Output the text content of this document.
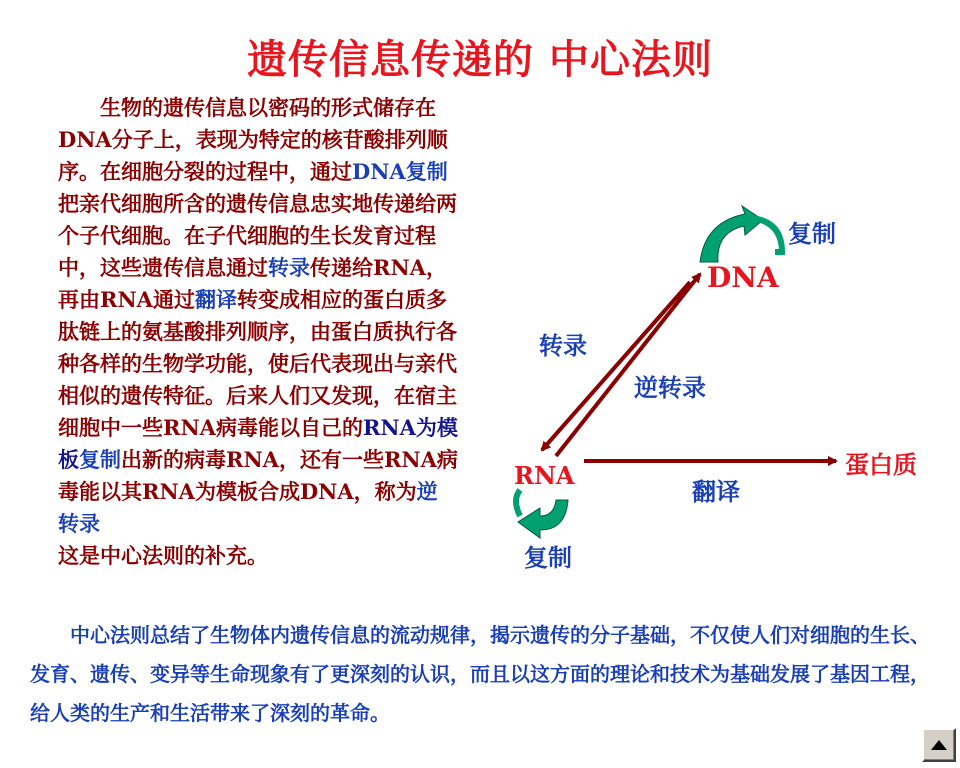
遗传信息传递的 中心法则
生物的遗传信息以密码的形式储存在DNA分子上，表现为特定的核苷酸排列顺序。在细胞分裂的过程中，通过DNA复制把亲代细胞所含的遗传信息忠实地传递给两个子代细胞。在子代细胞的生长发育过程中，这些遗传信息通过转录传递给RNA，再由RNA通过翻译转变成相应的蛋白质多肽链上的氨基酸排列顺序，由蛋白质执行各种各样的生物学功能，使后代表现出与亲代相似的遗传特征。后来人们又发现，在宿主细胞中一些RNA病毒能以自己的RNA为模板复制出新的病毒RNA，还有一些RNA病毒能以其RNA为模板合成DNA，称为逆转录
这是中心法则的补充。
DNA
RNA	蛋白质
复制
复制
转录
逆转录
翻译
中心法则总结了生物体内遗传信息的流动规律，揭示遗传的分子基础，不仅使人们对细胞的生长、发育、遗传、变异等生命现象有了更深刻的认识，而且以这方面的理论和技术为基础发展了基因工程，给人类的生产和生活带来了深刻的革命。
